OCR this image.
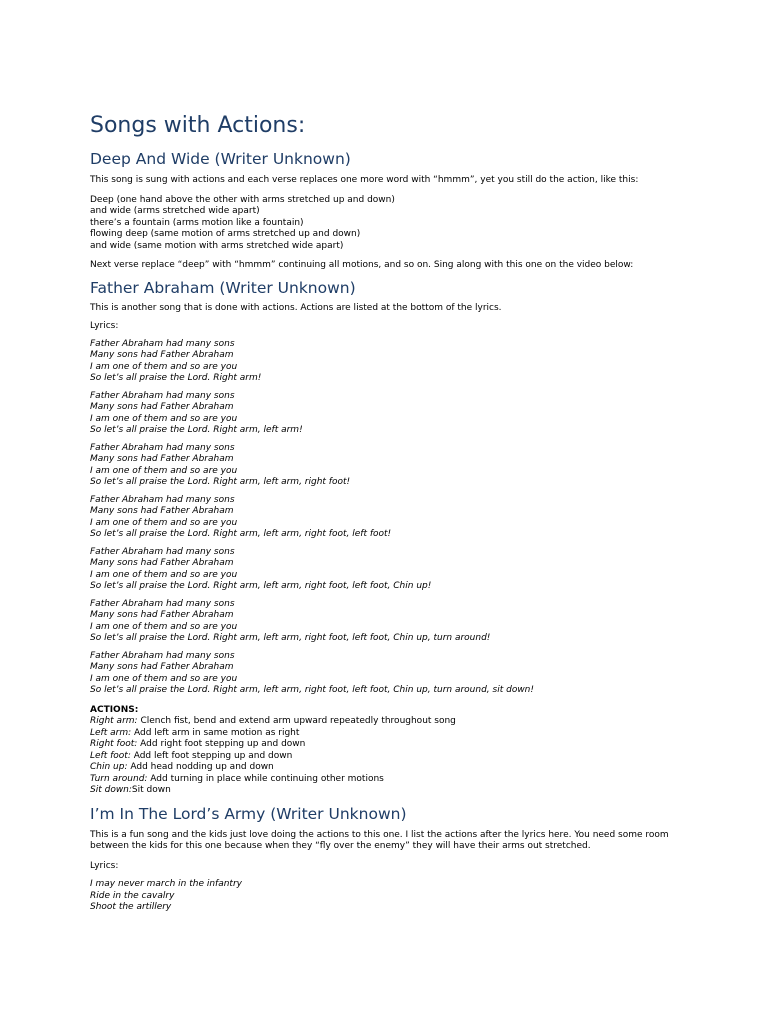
Songs with Actions:
Deep And Wide (Writer Unknown)

This song is sung with actions and each verse replaces one more word with “hmmm”, yet you still do the action, like this:

Deep (one hand above the other with arms stretched up and down)
and wide (arms stretched wide apart)
there’s a fountain (arms motion like a fountain)
flowing deep (same motion of arms stretched up and down)
and wide (same motion with arms stretched wide apart)

Next verse replace “deep” with “hmmm” continuing all motions, and so on. Sing along with this one on the video below:

Father Abraham (Writer Unknown)

This is another song that is done with actions. Actions are listed at the bottom of the lyrics.

Lyrics:

Father Abraham had many sons
Many sons had Father Abraham
I am one of them and so are you
So let’s all praise the Lord. Right arm!
Father Abraham had many sons
Many sons had Father Abraham
I am one of them and so are you
So let’s all praise the Lord. Right arm, left arm!
Father Abraham had many sons
Many sons had Father Abraham
I am one of them and so are you
So let’s all praise the Lord. Right arm, left arm, right foot!
Father Abraham had many sons
Many sons had Father Abraham
I am one of them and so are you
So let’s all praise the Lord. Right arm, left arm, right foot, left foot!
Father Abraham had many sons
Many sons had Father Abraham
I am one of them and so are you
So let’s all praise the Lord. Right arm, left arm, right foot, left foot, Chin up!
Father Abraham had many sons
Many sons had Father Abraham
I am one of them and so are you
So let’s all praise the Lord. Right arm, left arm, right foot, left foot, Chin up, turn around!
Father Abraham had many sons
Many sons had Father Abraham
I am one of them and so are you
So let’s all praise the Lord. Right arm, left arm, right foot, left foot, Chin up, turn around, sit down!
ACTIONS:
Right arm: Clench fist, bend and extend arm upward repeatedly throughout song
Left arm: Add left arm in same motion as right
Right foot: Add right foot stepping up and down
Left foot: Add left foot stepping up and down
Chin up: Add head nodding up and down
Turn around: Add turning in place while continuing other motions
Sit down:Sit down
I’m In The Lord’s Army (Writer Unknown)

This is a fun song and the kids just love doing the actions to this one. I list the actions after the lyrics here. You need some room between the kids for this one because when they “fly over the enemy” they will have their arms out stretched.

Lyrics:

I may never march in the infantry
Ride in the cavalry
Shoot the artillery
